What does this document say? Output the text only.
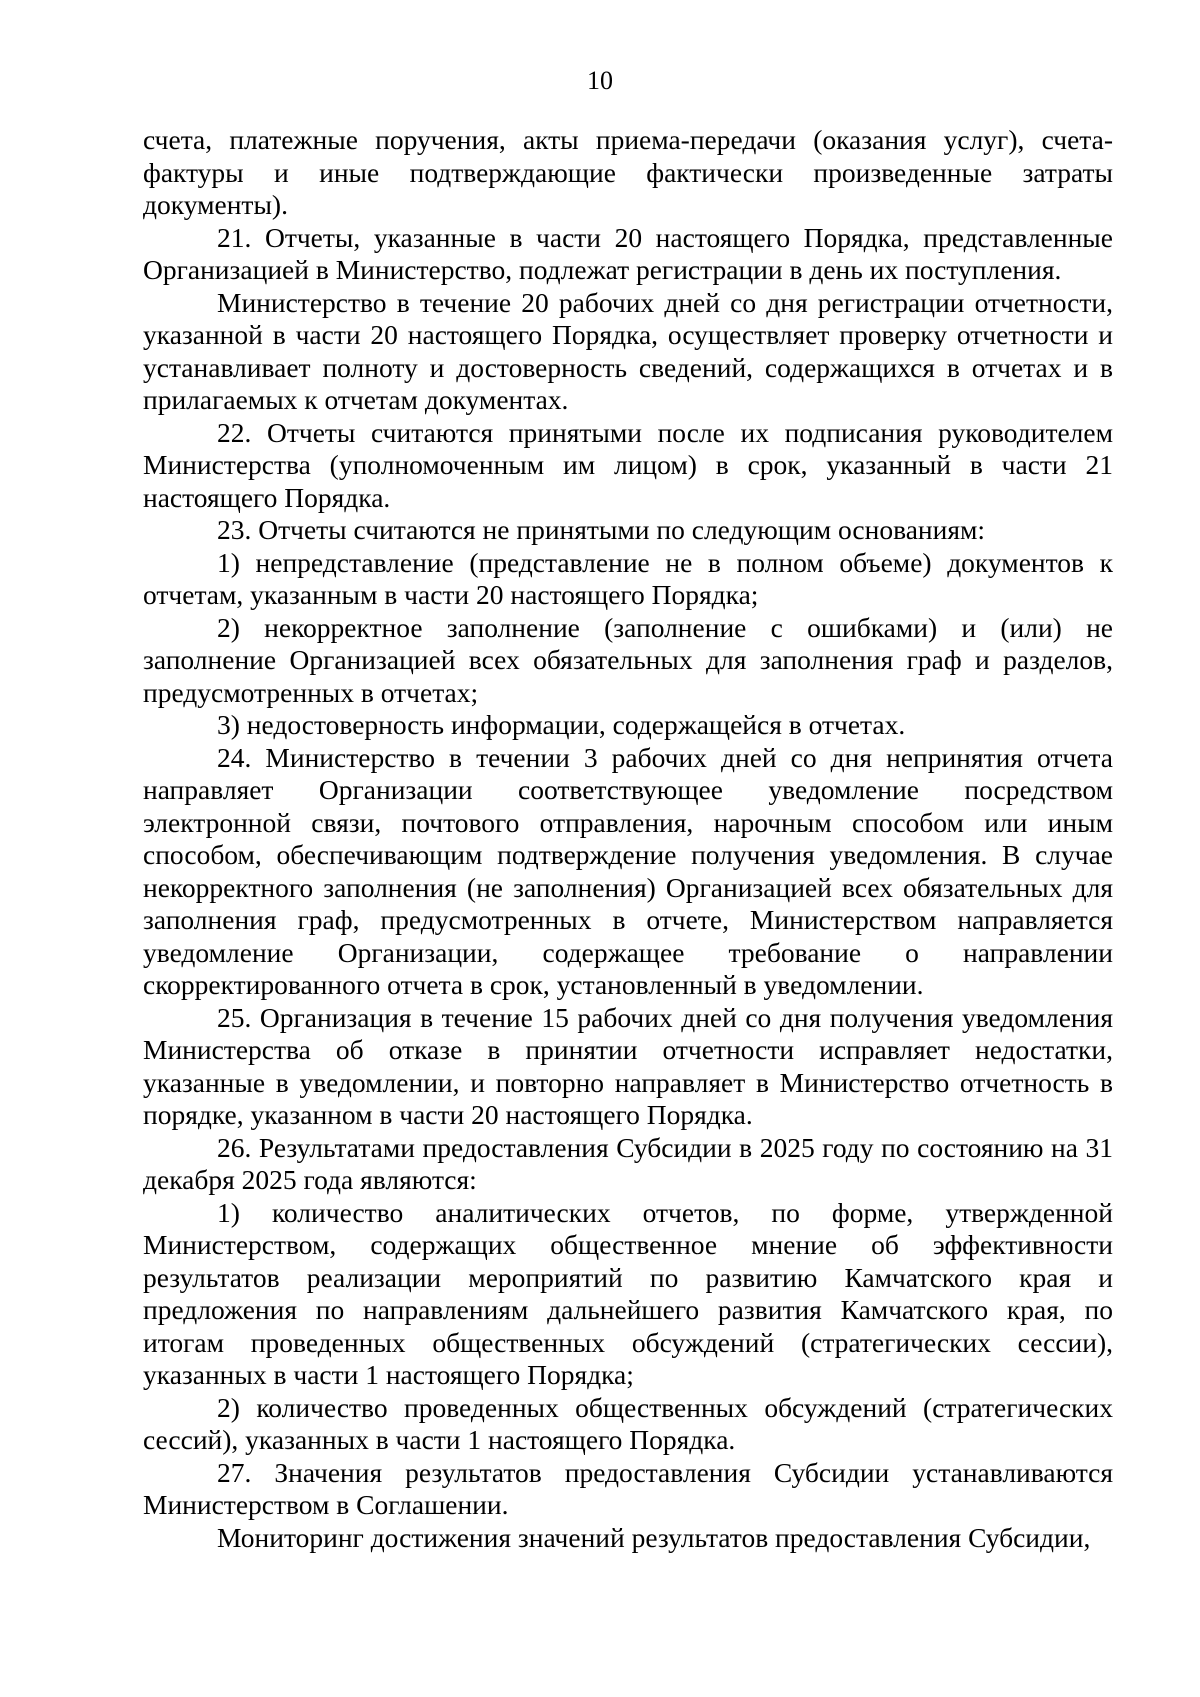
10

счета, платежные поручения, акты приема-передачи (оказания услуг), счета-фактуры и иные подтверждающие фактически произведенные затраты документы).

21. Отчеты, указанные в части 20 настоящего Порядка, представленные Организацией в Министерство, подлежат регистрации в день их поступления.

Министерство в течение 20 рабочих дней со дня регистрации отчетности, указанной в части 20 настоящего Порядка, осуществляет проверку отчетности и устанавливает полноту и достоверность сведений, содержащихся в отчетах и в прилагаемых к отчетам документах.

22. Отчеты считаются принятыми после их подписания руководителем Министерства (уполномоченным им лицом) в срок, указанный в части 21 настоящего Порядка.

23. Отчеты считаются не принятыми по следующим основаниям:

1) непредставление (представление не в полном объеме) документов к отчетам, указанным в части 20 настоящего Порядка;

2) некорректное заполнение (заполнение с ошибками) и (или) не заполнение Организацией всех обязательных для заполнения граф и разделов, предусмотренных в отчетах;

3) недостоверность информации, содержащейся в отчетах.

24. Министерство в течении 3 рабочих дней со дня непринятия отчета направляет Организации соответствующее уведомление посредством электронной связи, почтового отправления, нарочным способом или иным способом, обеспечивающим подтверждение получения уведомления. В случае некорректного заполнения (не заполнения) Организацией всех обязательных для заполнения граф, предусмотренных в отчете, Министерством направляется уведомление Организации, содержащее требование о направлении скорректированного отчета в срок, установленный в уведомлении.

25. Организация в течение 15 рабочих дней со дня получения уведомления Министерства об отказе в принятии отчетности исправляет недостатки, указанные в уведомлении, и повторно направляет в Министерство отчетность в порядке, указанном в части 20 настоящего Порядка.

26. Результатами предоставления Субсидии в 2025 году по состоянию на 31 декабря 2025 года являются:

1) количество аналитических отчетов, по форме, утвержденной Министерством, содержащих общественное мнение об эффективности результатов реализации мероприятий по развитию Камчатского края и предложения по направлениям дальнейшего развития Камчатского края, по итогам проведенных общественных обсуждений (стратегических сессии), указанных в части 1 настоящего Порядка;

2) количество проведенных общественных обсуждений (стратегических сессий), указанных в части 1 настоящего Порядка.

27. Значения результатов предоставления Субсидии устанавливаются Министерством в Соглашении.

Мониторинг достижения значений результатов предоставления Субсидии,
